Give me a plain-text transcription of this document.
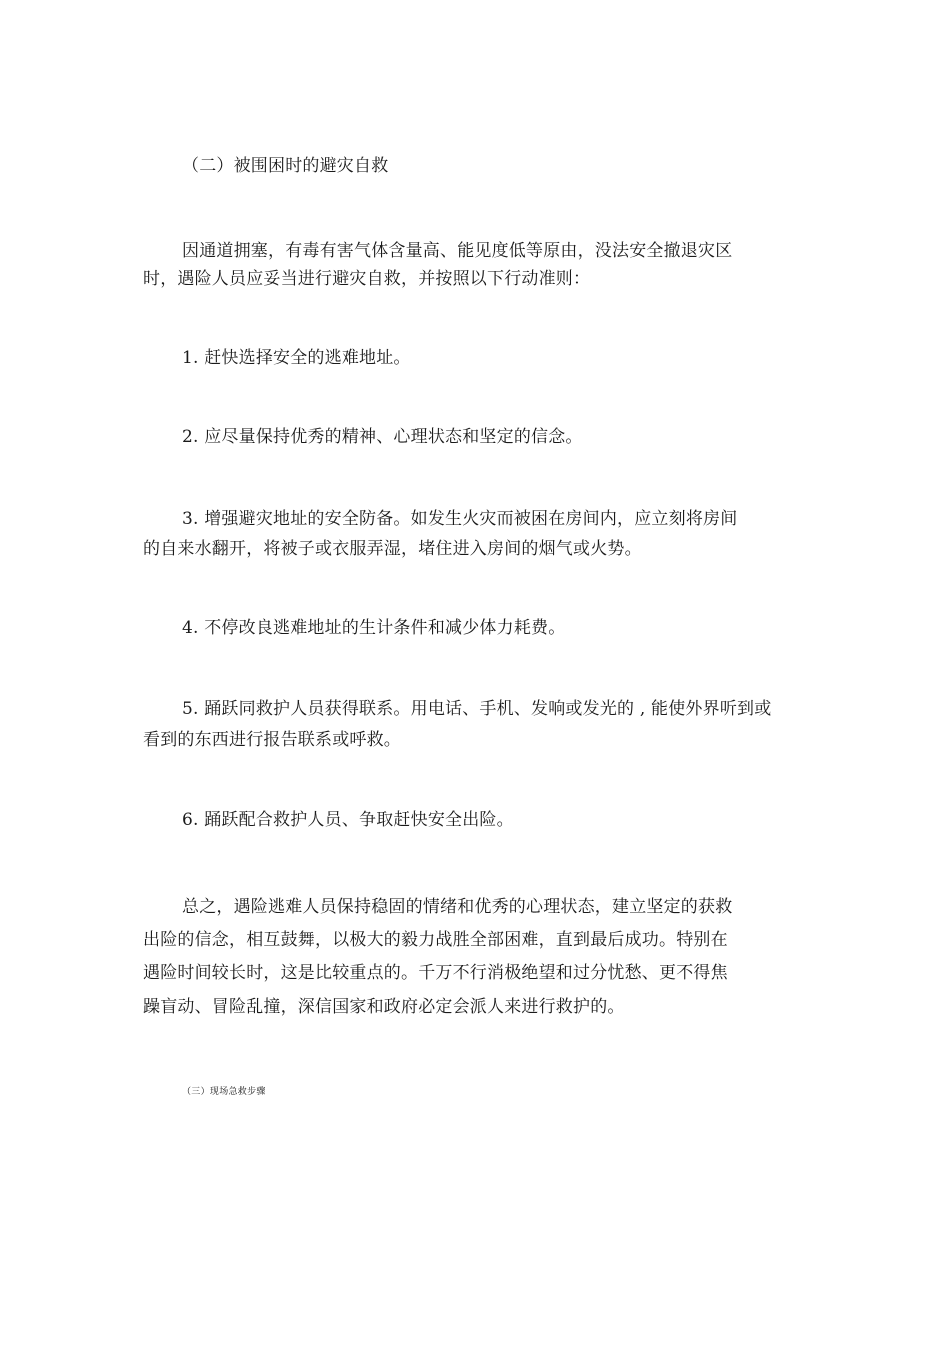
（二）被围困时的避灾自救
因通道拥塞，有毒有害气体含量高、能见度低等原由，没法安全撤退灾区
时，遇险人员应妥当进行避灾自救，并按照以下行动准则：
1. 赶快选择安全的逃难地址。
2. 应尽量保持优秀的精神、心理状态和坚定的信念。
3. 增强避灾地址的安全防备。如发生火灾而被困在房间内，应立刻将房间
的自来水翻开，将被子或衣服弄湿，堵住进入房间的烟气或火势。
4. 不停改良逃难地址的生计条件和减少体力耗费。
5. 踊跃同救护人员获得联系。用电话、手机、发响或发光的 , 能使外界听到或
看到的东西进行报告联系或呼救。
6. 踊跃配合救护人员、争取赶快安全出险。
总之，遇险逃难人员保持稳固的情绪和优秀的心理状态，建立坚定的获救
出险的信念，相互鼓舞，以极大的毅力战胜全部困难，直到最后成功。特别在
遇险时间较长时，这是比较重点的。千万不行消极绝望和过分忧愁、更不得焦
躁盲动、冒险乱撞，深信国家和政府必定会派人来进行救护的。
（三）现场急救步骤
